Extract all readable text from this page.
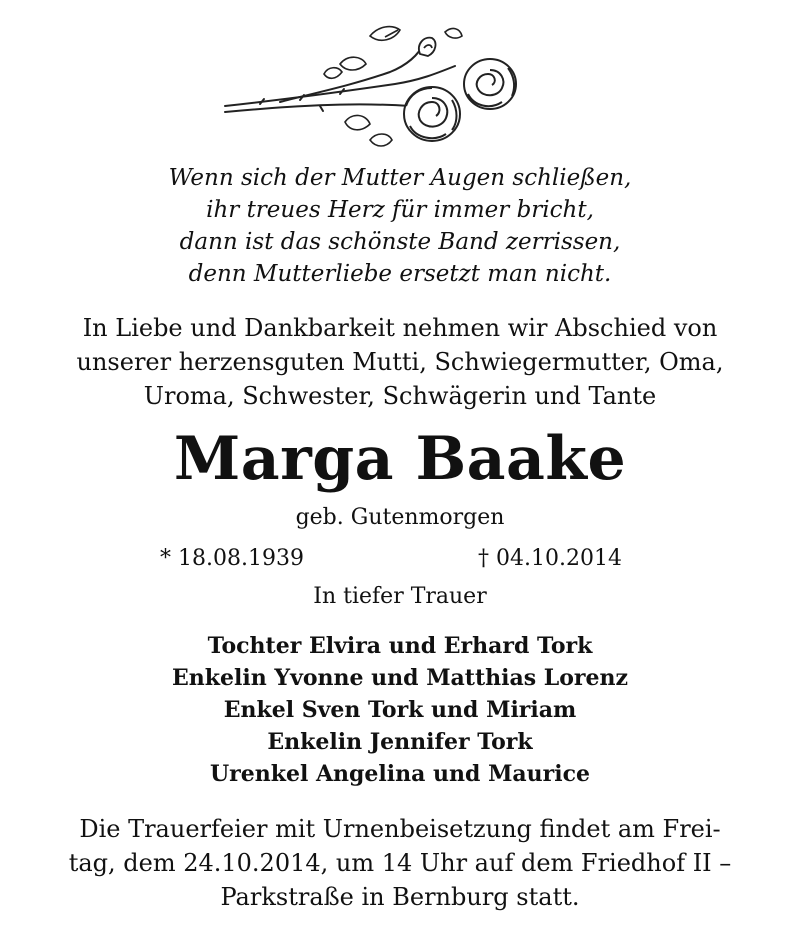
Wenn sich der Mutter Augen schließen,
ihr treues Herz für immer bricht,
dann ist das schönste Band zerrissen,
denn Mutterliebe ersetzt man nicht.
In Liebe und Dankbarkeit nehmen wir Abschied von
unserer herzensguten Mutti, Schwiegermutter, Oma,
Uroma, Schwester, Schwägerin und Tante
Marga Baake
geb. Gutenmorgen
* 18.08.1939	† 04.10.2014
In tiefer Trauer
Tochter Elvira und Erhard Tork
Enkelin Yvonne und Matthias Lorenz
Enkel Sven Tork und Miriam
Enkelin Jennifer Tork
Urenkel Angelina und Maurice
Die Trauerfeier mit Urnenbeisetzung findet am Frei-
tag, dem 24.10.2014, um 14 Uhr auf dem Friedhof II –
Parkstraße in Bernburg statt.
